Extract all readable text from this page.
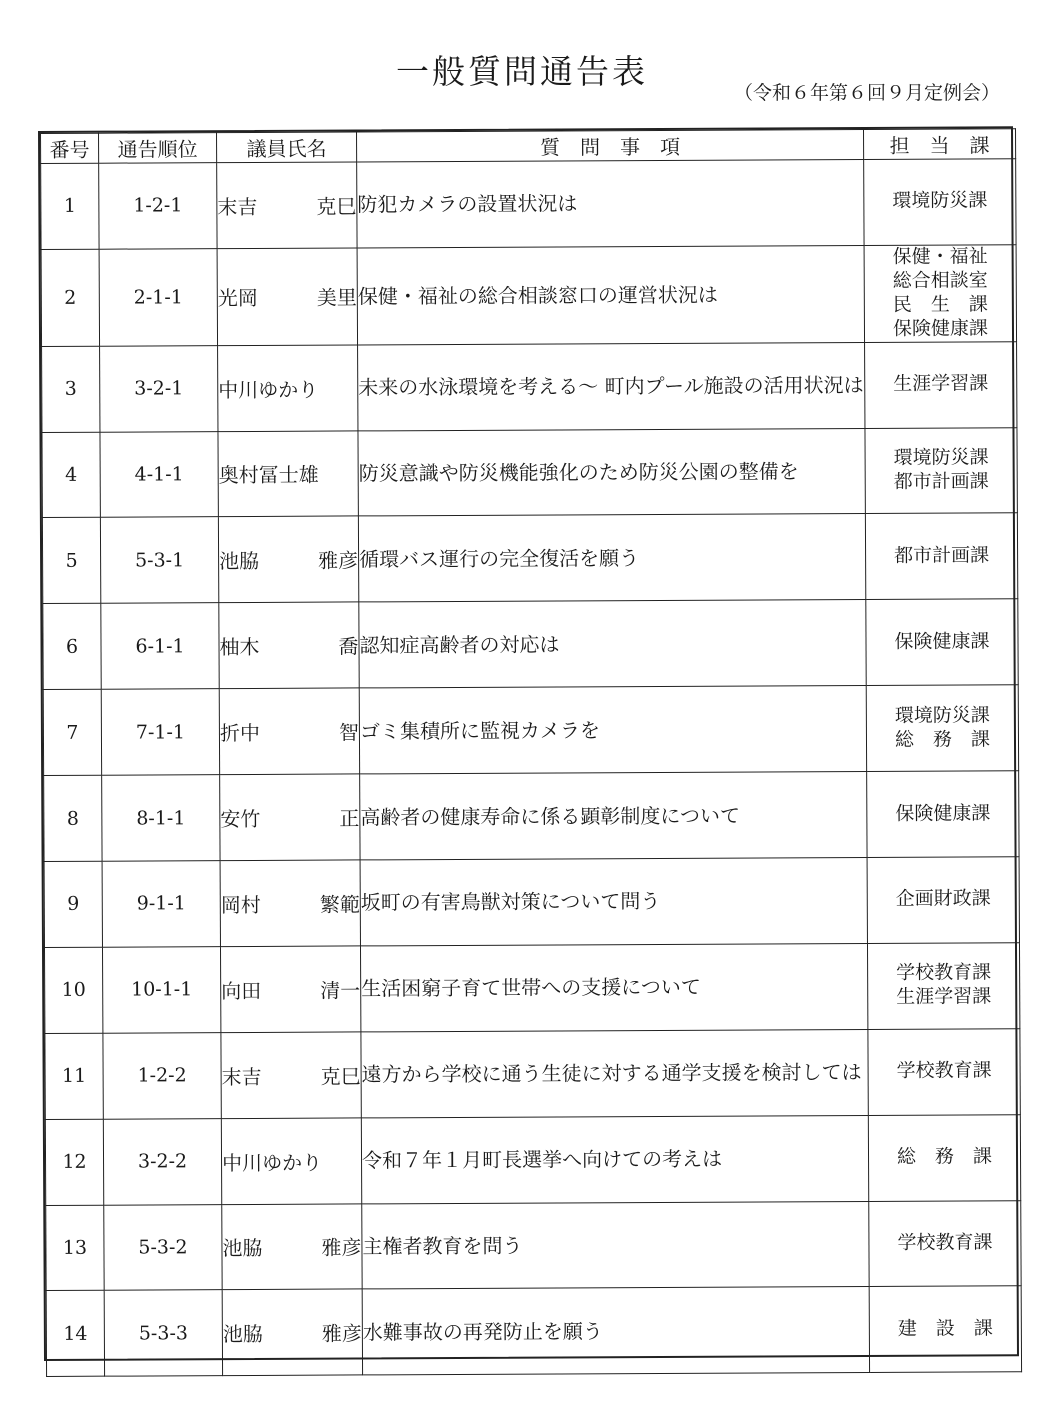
一般質問通告表
（令和６年第６回９月定例会）
番号	通告順位	議員氏名	質　問　事　項	担　当　課
1	1-2-1	末吉 克巳	防犯カメラの設置状況は	環境防災課

2	2-1-1	光岡 美里	保健・福祉の総合相談窓口の運営状況は	保健・福祉
総合相談室
民　生　課
保険健康課

3	3-2-1	中川ゆかり	未来の水泳環境を考える～ 町内プール施設の活用状況は	生涯学習課

4	4-1-1	奥村冨士雄	防災意識や防災機能強化のため防災公園の整備を	環境防災課
都市計画課

5	5-3-1	池脇 雅彦	循環バス運行の完全復活を願う	都市計画課

6	6-1-1	柚木 喬	認知症高齢者の対応は	保険健康課

7	7-1-1	折中 智	ゴミ集積所に監視カメラを	環境防災課
総　務　課

8	8-1-1	安竹 正	高齢者の健康寿命に係る顕彰制度について	保険健康課

9	9-1-1	岡村 繁範	坂町の有害鳥獣対策について問う	企画財政課

10	10-1-1	向田 清一	生活困窮子育て世帯への支援について	学校教育課
生涯学習課

11	1-2-2	末吉 克巳	遠方から学校に通う生徒に対する通学支援を検討しては	学校教育課

12	3-2-2	中川ゆかり	令和７年１月町長選挙へ向けての考えは	総　務　課

13	5-3-2	池脇 雅彦	主権者教育を問う	学校教育課

14	5-3-3	池脇 雅彦	水難事故の再発防止を願う	建　設　課
